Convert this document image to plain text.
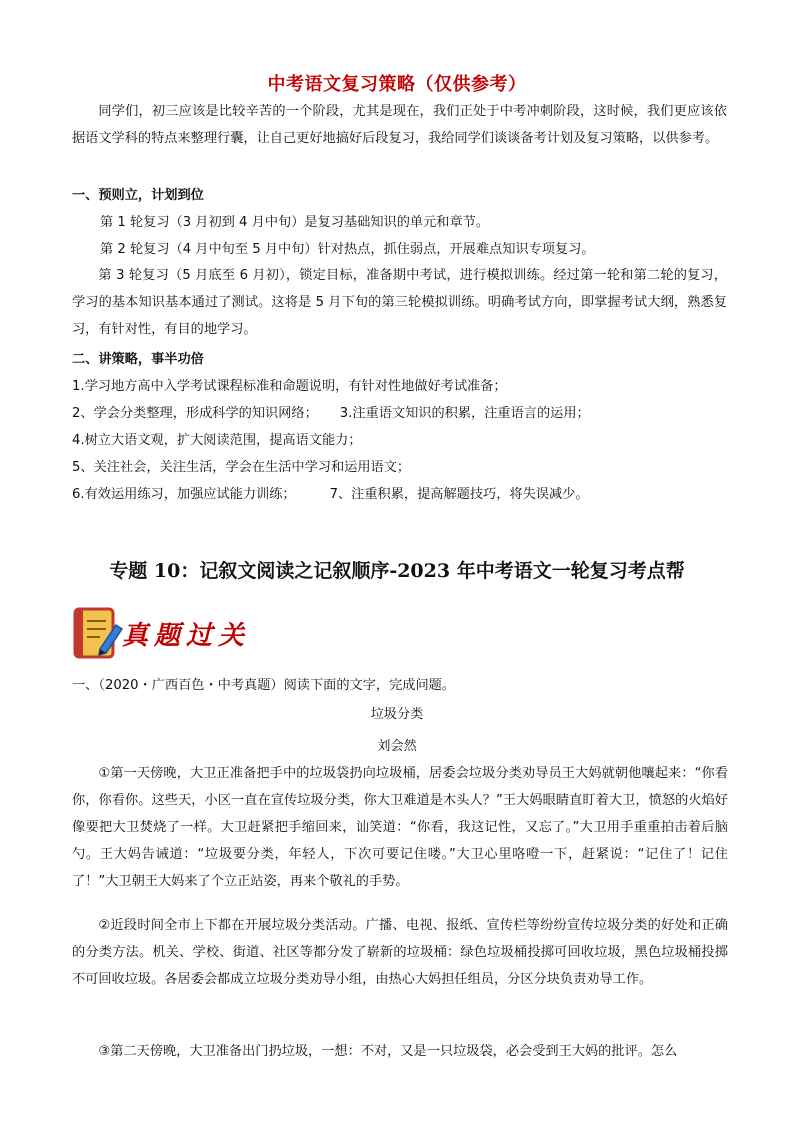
中考语文复习策略（仅供参考）

同学们，初三应该是比较辛苦的一个阶段，尤其是现在，我们正处于中考冲刺阶段，这时候，我们更应该依据语文学科的特点来整理行囊，让自己更好地搞好后段复习，我给同学们谈谈备考计划及复习策略，以供参考。

一、预则立，计划到位
第 1 轮复习（3 月初到 4 月中旬）是复习基础知识的单元和章节。
第 2 轮复习（4 月中旬至 5 月中旬）针对热点，抓住弱点，开展难点知识专项复习。

第 3 轮复习（5 月底至 6 月初），锁定目标，准备期中考试，进行模拟训练。经过第一轮和第二轮的复习，学习的基本知识基本通过了测试。这将是 5 月下旬的第三轮模拟训练。明确考试方向，即掌握考试大纲，熟悉复习，有针对性，有目的地学习。

二、讲策略，事半功倍
1.学习地方高中入学考试课程标准和命题说明，有针对性地做好考试准备；
2、学会分类整理，形成科学的知识网络； 3.注重语文知识的积累，注重语言的运用；
4.树立大语文观，扩大阅读范围，提高语文能力；
5、关注社会，关注生活，学会在生活中学习和运用语文；
6.有效运用练习，加强应试能力训练；	7、注重积累，提高解题技巧，将失误减少。
专题 10：记叙文阅读之记叙顺序-2023 年中考语文一轮复习考点帮
真题过关
一、（2020・广西百色・中考真题）阅读下面的文字，完成问题。
垃圾分类
刘会然

①第一天傍晚，大卫正准备把手中的垃圾袋扔向垃圾桶，居委会垃圾分类劝导员王大妈就朝他嚷起来：“你看你，你看你。这些天，小区一直在宣传垃圾分类，你大卫难道是木头人？”王大妈眼睛直盯着大卫，愤怒的火焰好像要把大卫焚烧了一样。大卫赶紧把手缩回来，讪笑道：“你看，我这记性，又忘了。”大卫用手重重拍击着后脑勺。王大妈告诫道：“垃圾要分类，年轻人，下次可要记住喽。”大卫心里咯噔一下，赶紧说：“记住了！记住了！”大卫朝王大妈来了个立正站姿，再来个敬礼的手势。

②近段时间全市上下都在开展垃圾分类活动。广播、电视、报纸、宣传栏等纷纷宣传垃圾分类的好处和正确的分类方法。机关、学校、街道、社区等都分发了崭新的垃圾桶：绿色垃圾桶投掷可回收垃圾，黑色垃圾桶投掷不可回收垃圾。各居委会都成立垃圾分类劝导小组，由热心大妈担任组员，分区分块负责劝导工作。

③第二天傍晚，大卫准备出门扔垃圾，一想：不对，又是一只垃圾袋，必会受到王大妈的批评。怎么
